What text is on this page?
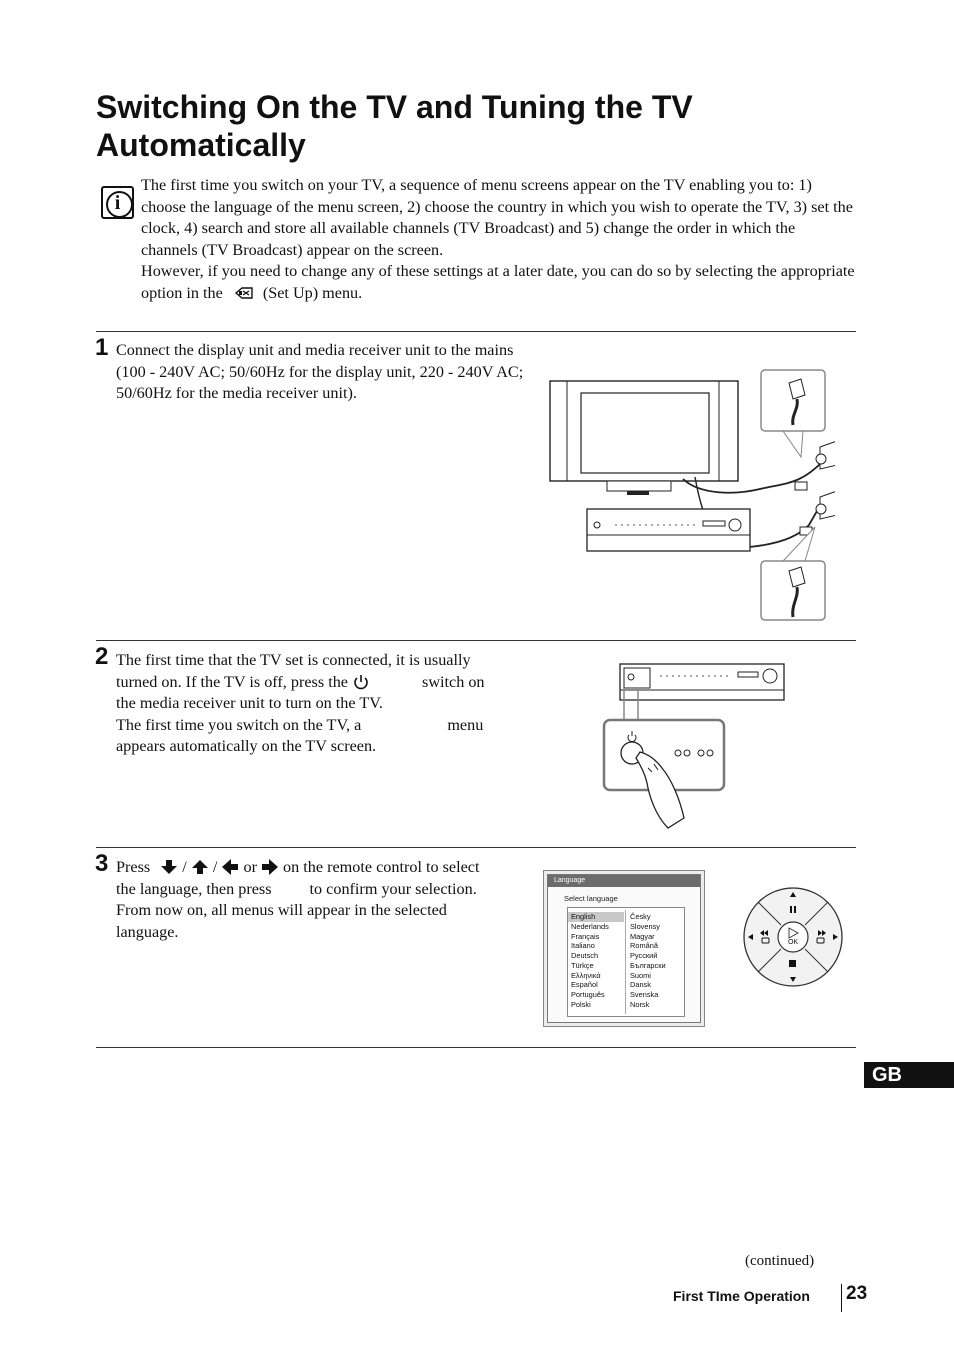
Switching On the TV and Tuning the TV
Automatically
i

The first time you switch on your TV, a sequence of menu screens appear on the TV enabling you to: 1) choose the language of the menu screen, 2) choose the country in which you wish to operate the TV, 3) set the clock, 4) search and store all available channels (TV Broadcast) and 5) change the order in which the channels (TV Broadcast) appear on the screen.

However, if you need to change any of these settings at a later date, you can do so by selecting the appropriate option in the (Set Up) menu.

1 Connect the display unit and media receiver unit to the mains (100 - 240V AC; 50/60Hz for the display unit, 220 - 240V AC; 50/60Hz for the media receiver unit).
2 The first time that the TV set is connected, it is usually

turned on. If the TV is off, press the	switch on

the media receiver unit to turn on the TV.

The first time you switch on the TV, a	menu

appears automatically on the TV screen.

3 Press / / or on the remote control to select

the language, then press to confirm your selection.

From now on, all menus will appear in the selected

language.

Language
Select language
English
Nederlands
Français
Italiano
Deutsch
Türkçe
Ελληνικά
Español
Português
Polski
Česky
Slovensy
Magyar
Română
Русский
Български
Suomi
Dansk
Svenska
Norsk
OK
GB
(continued)
First TIme Operation 23
